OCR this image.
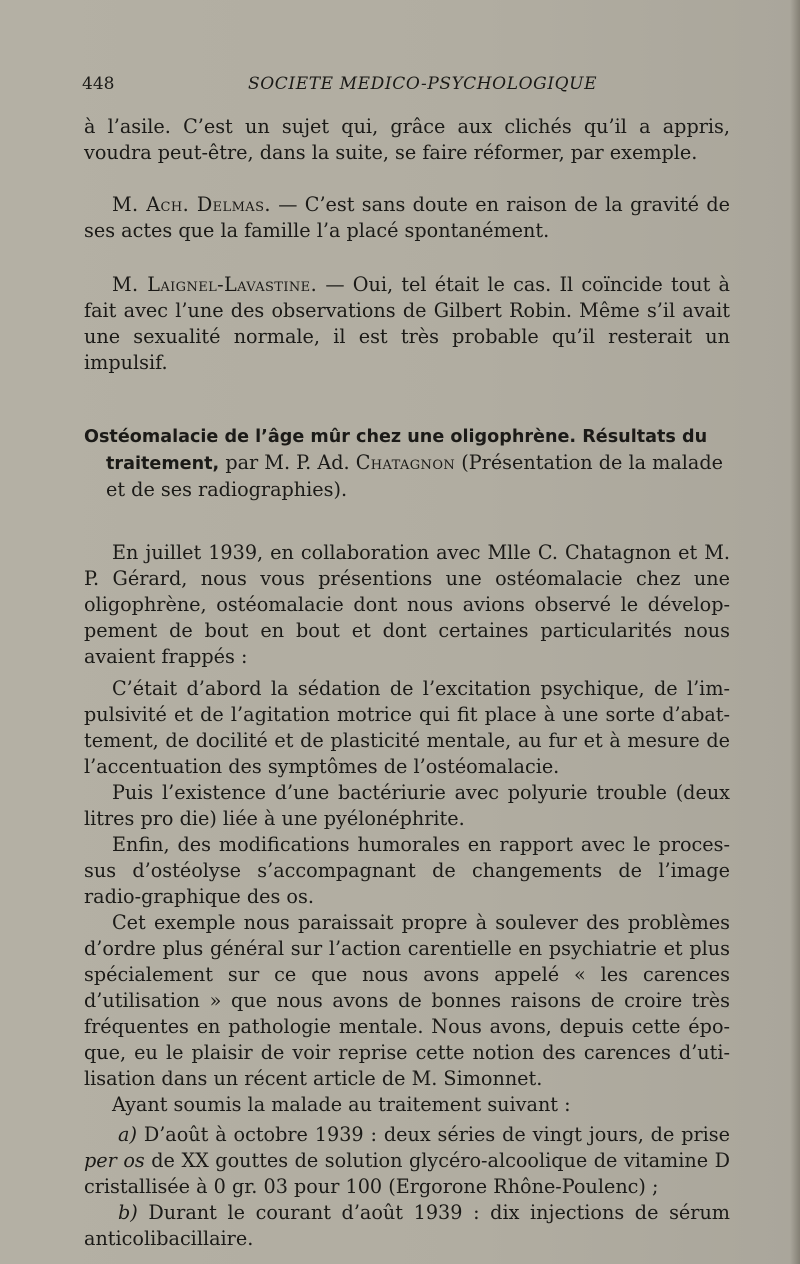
448	SOCIETE MEDICO-PSYCHOLOGIQUE

à l’asile. C’est un sujet qui, grâce aux clichés qu’il a appris, voudra peut-être, dans la suite, se faire réformer, par exemple.

M. Ach. Delmas. — C’est sans doute en raison de la gravité de ses actes que la famille l’a placé spontanément.

M. Laignel-Lavastine. — Oui, tel était le cas. Il coïncide tout à fait avec l’une des observations de Gilbert Robin. Même s’il avait une sexualité normale, il est très probable qu’il resterait un impulsif.

Ostéomalacie de l’âge mûr chez une oligophrène. Résultats du
traitement, par M. P. Ad. Chatagnon (Présentation de la malade et de ses radiographies).

En juillet 1939, en collaboration avec Mlle C. Chatagnon et M. P. Gérard, nous vous présentions une ostéomalacie chez une oligophrène, ostéomalacie dont nous avions observé le dévelop-pement de bout en bout et dont certaines particularités nous avaient frappés :

C’était d’abord la sédation de l’excitation psychique, de l’im-pulsivité et de l’agitation motrice qui fit place à une sorte d’abat-tement, de docilité et de plasticité mentale, au fur et à mesure de l’accentuation des symptômes de l’ostéomalacie.

Puis l’existence d’une bactériurie avec polyurie trouble (deux litres pro die) liée à une pyélonéphrite.

Enfin, des modifications humorales en rapport avec le proces-sus d’ostéolyse s’accompagnant de changements de l’image radio-graphique des os.

Cet exemple nous paraissait propre à soulever des problèmes d’ordre plus général sur l’action carentielle en psychiatrie et plus spécialement sur ce que nous avons appelé « les carences d’utilisation » que nous avons de bonnes raisons de croire très fréquentes en pathologie mentale. Nous avons, depuis cette épo-que, eu le plaisir de voir reprise cette notion des carences d’uti-lisation dans un récent article de M. Simonnet.

Ayant soumis la malade au traitement suivant :

a) D’août à octobre 1939 : deux séries de vingt jours, de prise per os de XX gouttes de solution glycéro-alcoolique de vitamine D cristallisée à 0 gr. 03 pour 100 (Ergorone Rhône-Poulenc) ;

b) Durant le courant d’août 1939 : dix injections de sérum anticolibacillaire.
